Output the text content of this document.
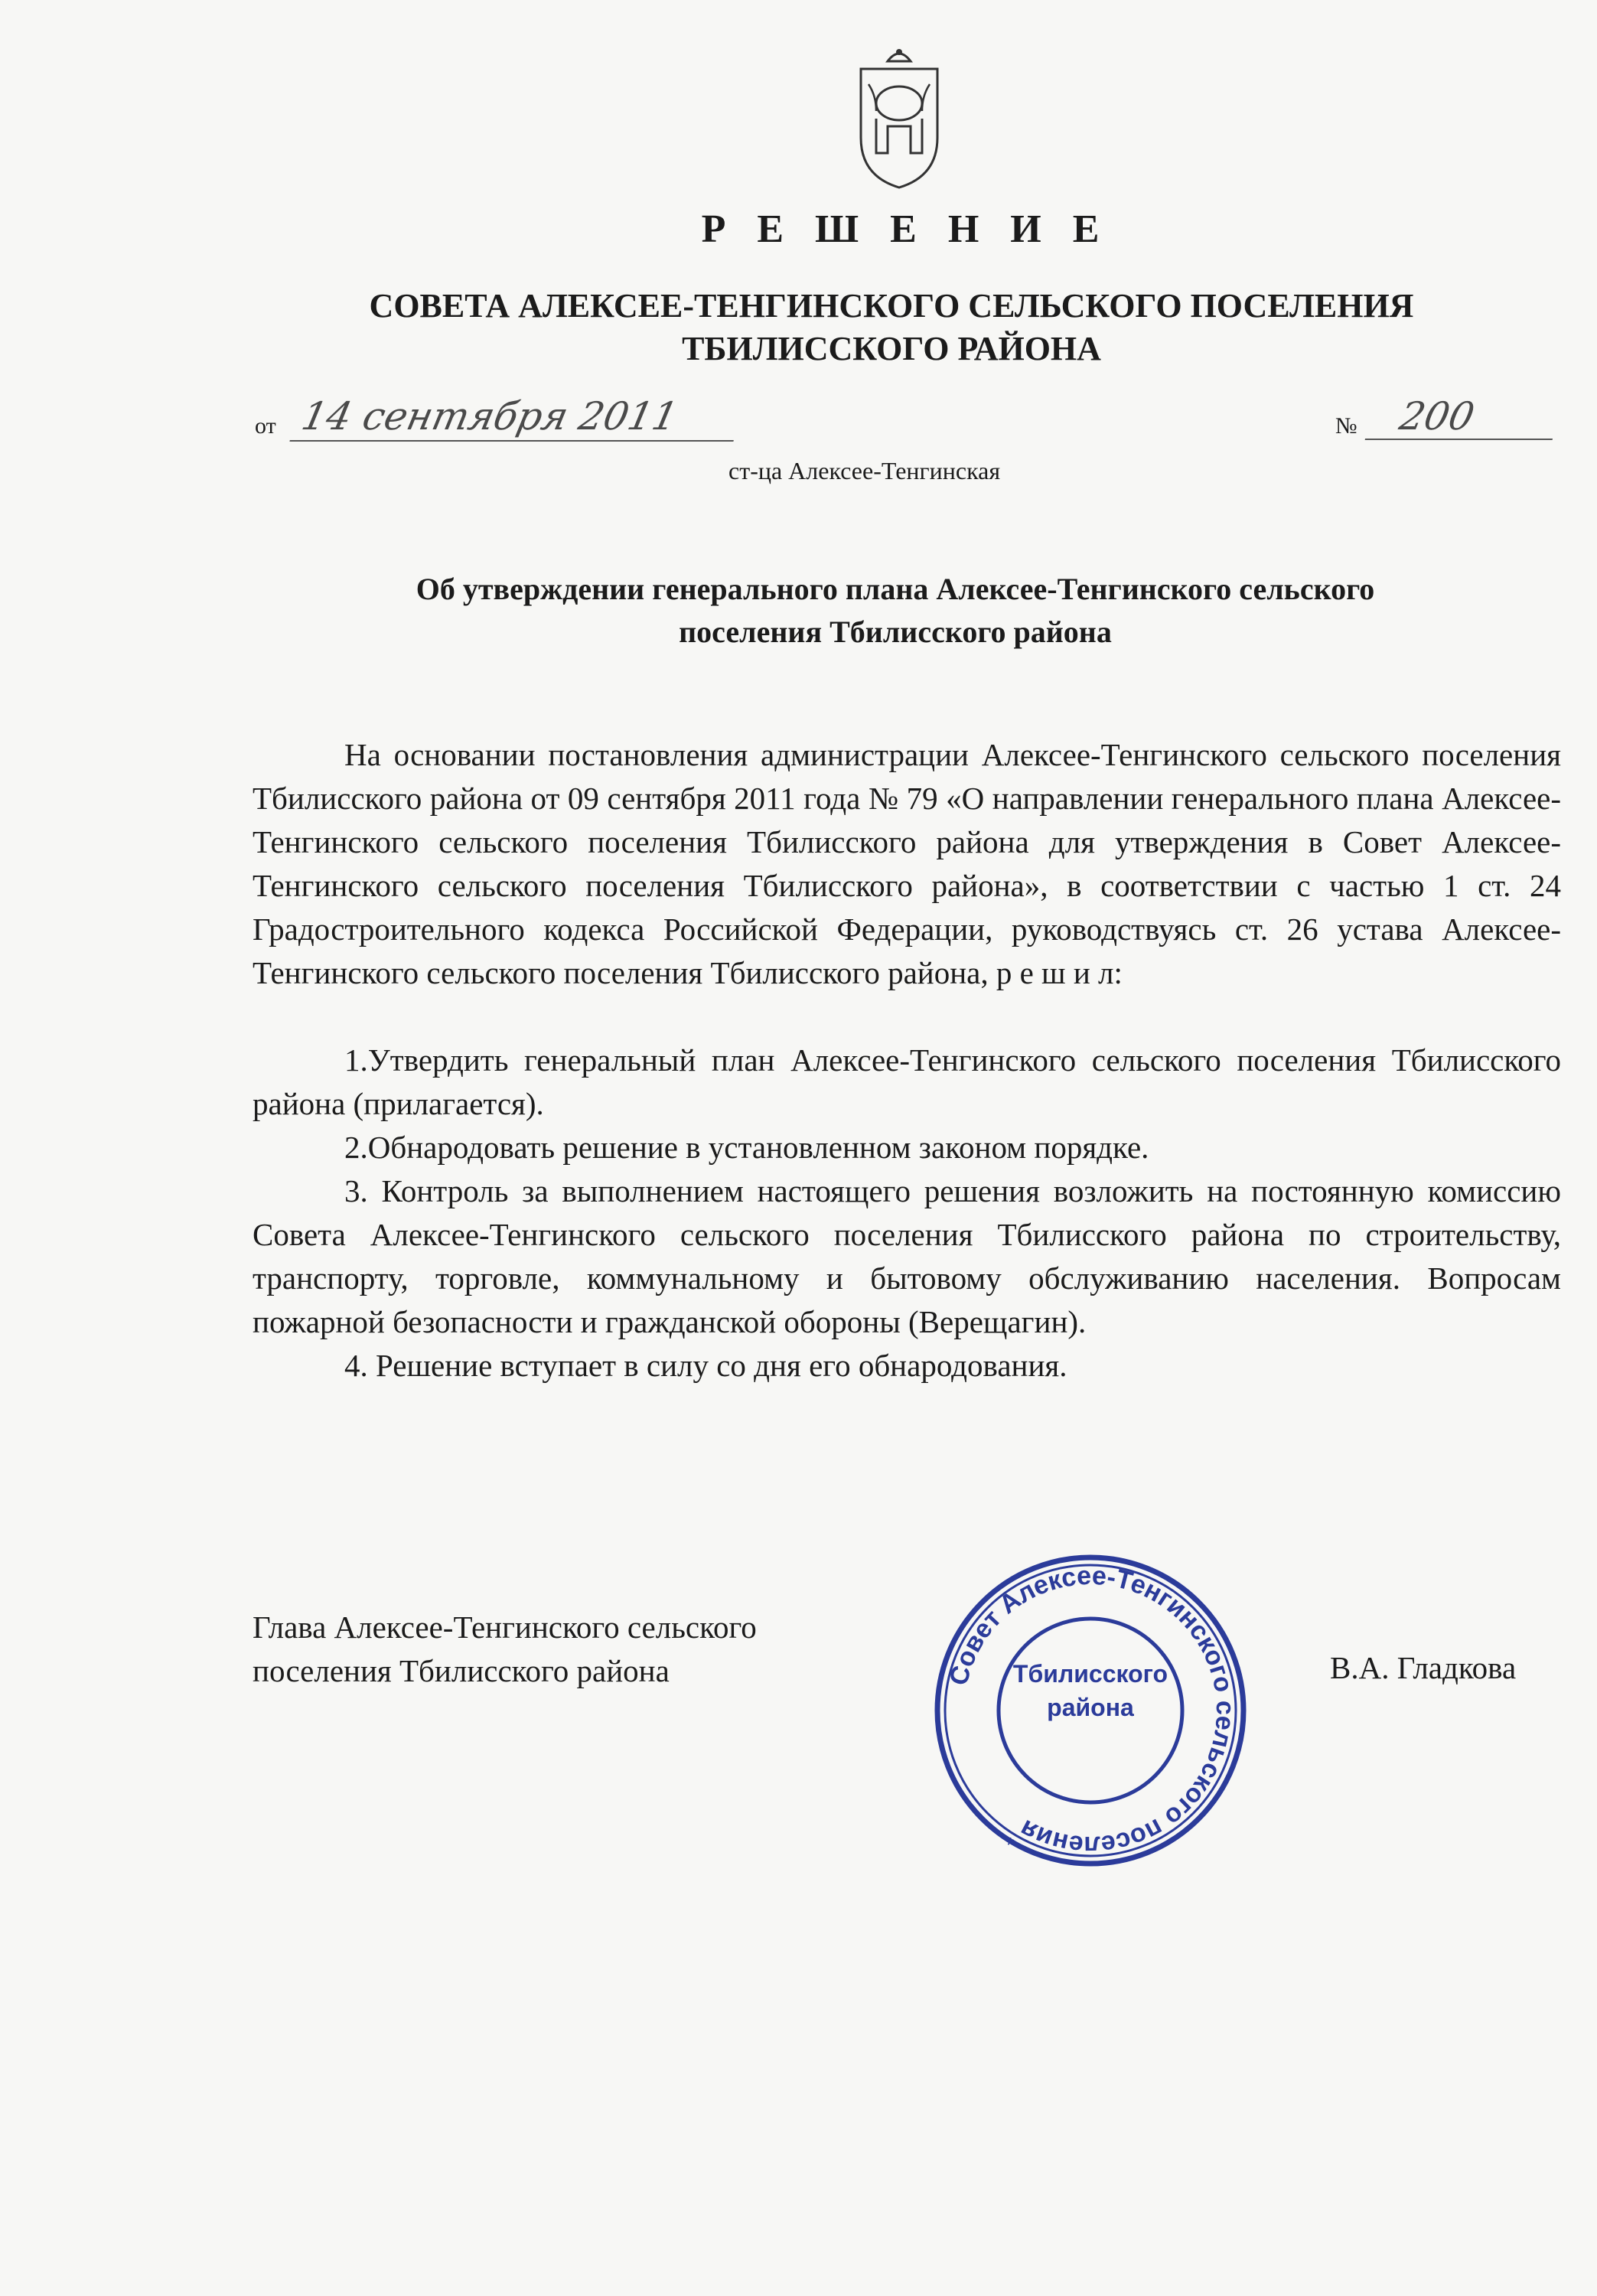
Р Е Ш Е Н И Е
СОВЕТА АЛЕКСЕЕ-ТЕНГИНСКОГО СЕЛЬСКОГО ПОСЕЛЕНИЯ
ТБИЛИССКОГО РАЙОНА
от 14 сентября 2011	№	200
ст-ца Алексее-Тенгинская
Об утверждении генерального плана Алексее-Тенгинского сельского
поселения Тбилисского района

На основании постановления администрации Алексее-Тенгинского сельского поселения Тбилисского района от 09 сентября 2011 года № 79 «О направлении генерального плана Алексее-Тенгинского сельского поселения Тбилисского района для утверждения в Совет Алексее-Тенгинского сельского поселения Тбилисского района», в соответствии с частью 1 ст. 24 Градостроительного кодекса Российской Федерации, руководствуясь ст. 26 устава Алексее-Тенгинского сельского поселения Тбилисского района, р е ш и л:

1.Утвердить генеральный план Алексее-Тенгинского сельского поселения Тбилисского района (прилагается).

2.Обнародовать решение в установленном законом порядке.

3. Контроль за выполнением настоящего решения возложить на постоянную комиссию Совета Алексее-Тенгинского сельского поселения Тбилисского района по строительству, транспорту, торговле, коммунальному и бытовому обслуживанию населения. Вопросам пожарной безопасности и гражданской обороны (Верещагин).

4. Решение вступает в силу со дня его обнародования.

Глава Алексее-Тенгинского сельского
поселения Тбилисского района	В.А. Гладкова
Совет Алексее-Тенгинского сельского поселения
*
Тбилисского
района
